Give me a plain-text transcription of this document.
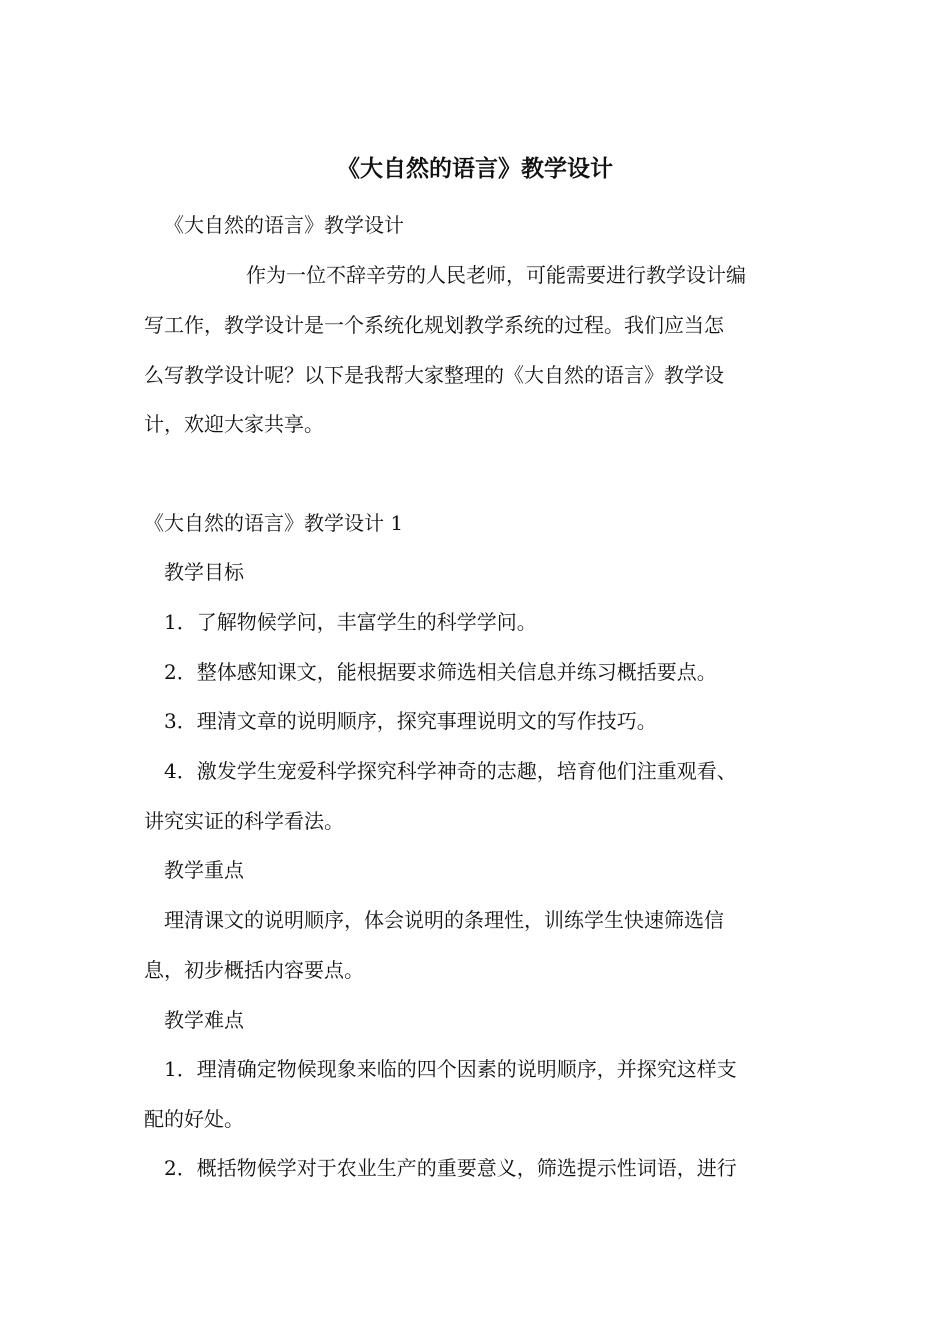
《大自然的语言》教学设计
《大自然的语言》教学设计
作为一位不辞辛劳的人民老师，可能需要进行教学设计编
写工作，教学设计是一个系统化规划教学系统的过程。我们应当怎
么写教学设计呢？以下是我帮大家整理的《大自然的语言》教学设
计，欢迎大家共享。
《大自然的语言》教学设计 1
教学目标
1．了解物候学问，丰富学生的科学学问。
2．整体感知课文，能根据要求筛选相关信息并练习概括要点。
3．理清文章的说明顺序，探究事理说明文的写作技巧。
4．激发学生宠爱科学探究科学神奇的志趣，培育他们注重观看、
讲究实证的科学看法。
教学重点
理清课文的说明顺序，体会说明的条理性，训练学生快速筛选信
息，初步概括内容要点。
教学难点
1．理清确定物候现象来临的四个因素的说明顺序，并探究这样支
配的好处。
2．概括物候学对于农业生产的重要意义，筛选提示性词语，进行
